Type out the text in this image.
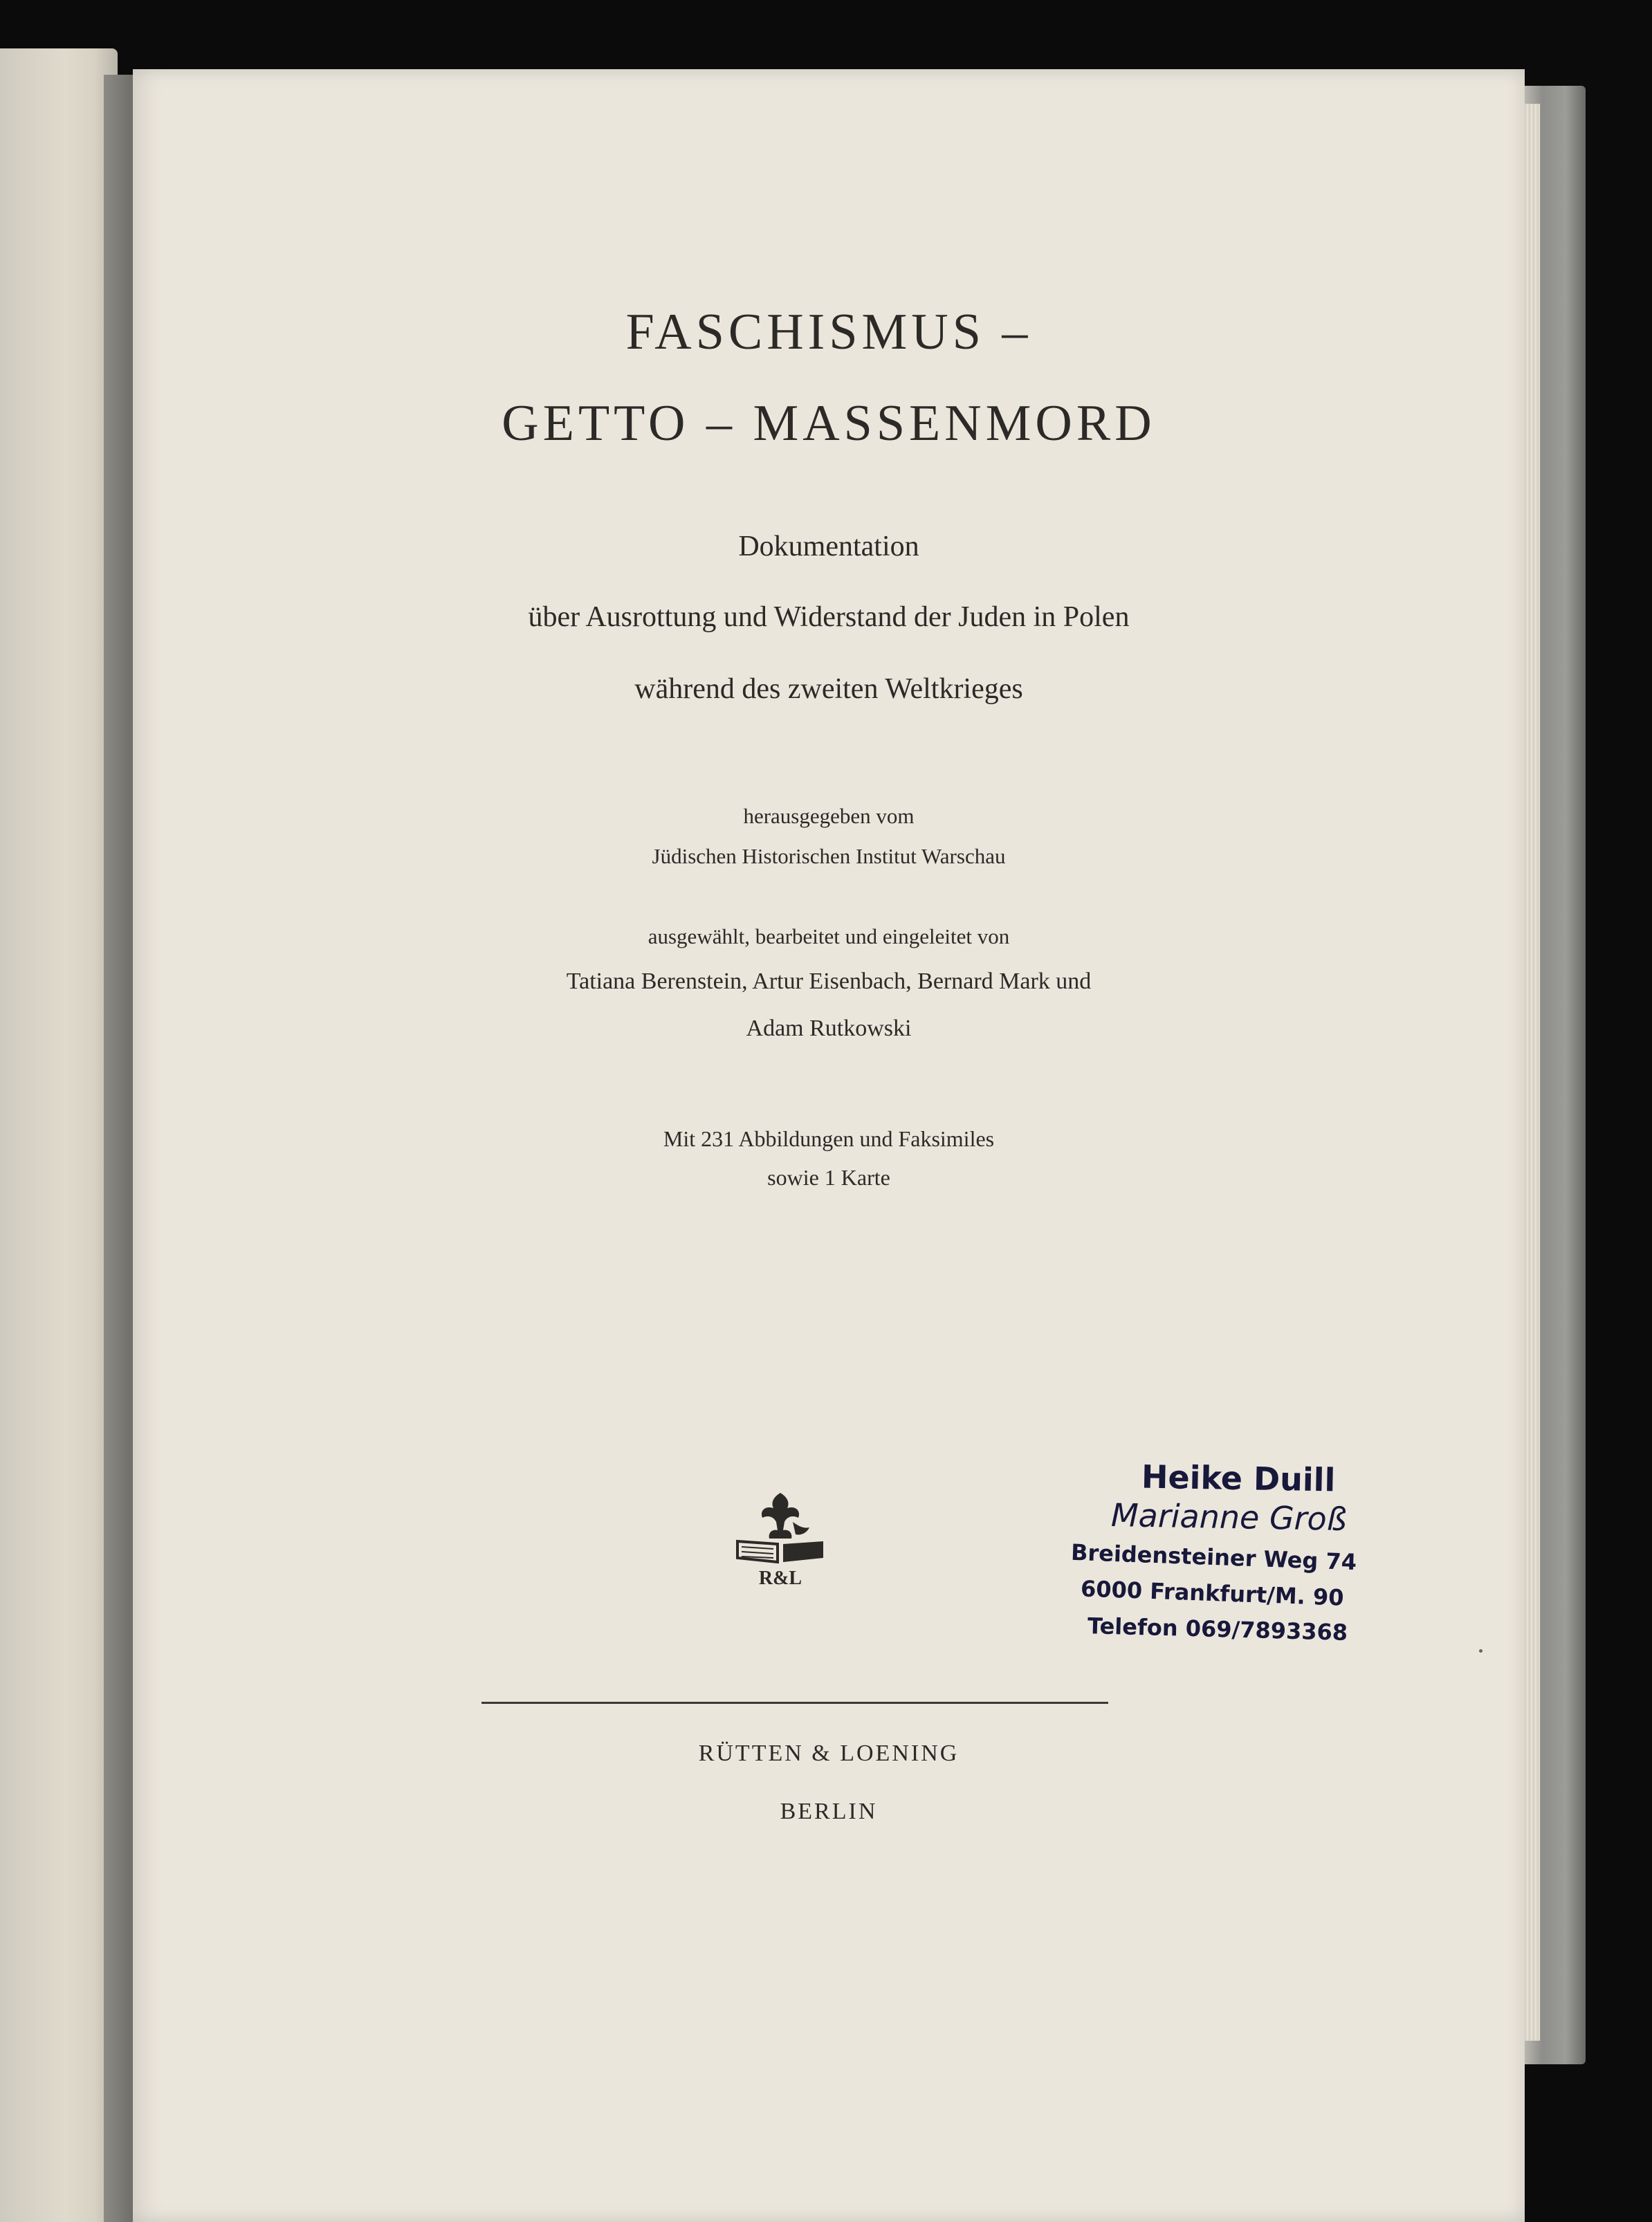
FASCHISMUS –
GETTO – MASSENMORD
Dokumentation
über Ausrottung und Widerstand der Juden in Polen
während des zweiten Weltkrieges
herausgegeben vom
Jüdischen Historischen Institut Warschau
ausgewählt, bearbeitet und eingeleitet von
Tatiana Berenstein, Artur Eisenbach, Bernard Mark und
Adam Rutkowski
Mit 231 Abbildungen und Faksimiles
sowie 1 Karte
R&L
Heike Duill
Marianne Groß
Breidensteiner Weg 74
6000 Frankfurt/M. 90
Telefon 069/7893368
RÜTTEN & LOENING
BERLIN
